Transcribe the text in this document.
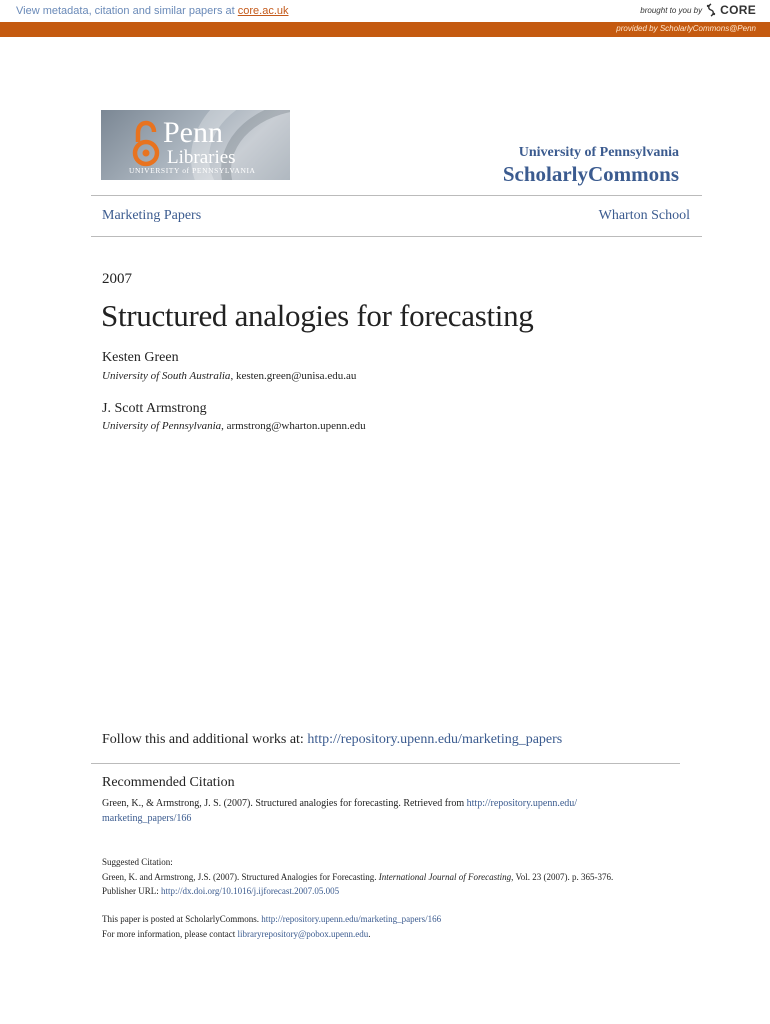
View metadata, citation and similar papers at core.ac.uk	brought to you by CORE
provided by ScholarlyCommons@Penn
Penn
Libraries
UNIVERSITY of PENNSYLVANIA
University of Pennsylvania
ScholarlyCommons
Marketing Papers	Wharton School
2007
Structured analogies for forecasting
Kesten Green
University of South Australia, kesten.green@unisa.edu.au
J. Scott Armstrong
University of Pennsylvania, armstrong@wharton.upenn.edu
Follow this and additional works at: http://repository.upenn.edu/marketing_papers
Recommended Citation
Green, K., & Armstrong, J. S. (2007). Structured analogies for forecasting. Retrieved from http://repository.upenn.edu/
marketing_papers/166
Suggested Citation:
Green, K. and Armstrong, J.S. (2007). Structured Analogies for Forecasting. International Journal of Forecasting, Vol. 23 (2007). p. 365-376.
Publisher URL: http://dx.doi.org/10.1016/j.ijforecast.2007.05.005
This paper is posted at ScholarlyCommons. http://repository.upenn.edu/marketing_papers/166
For more information, please contact libraryrepository@pobox.upenn.edu.
